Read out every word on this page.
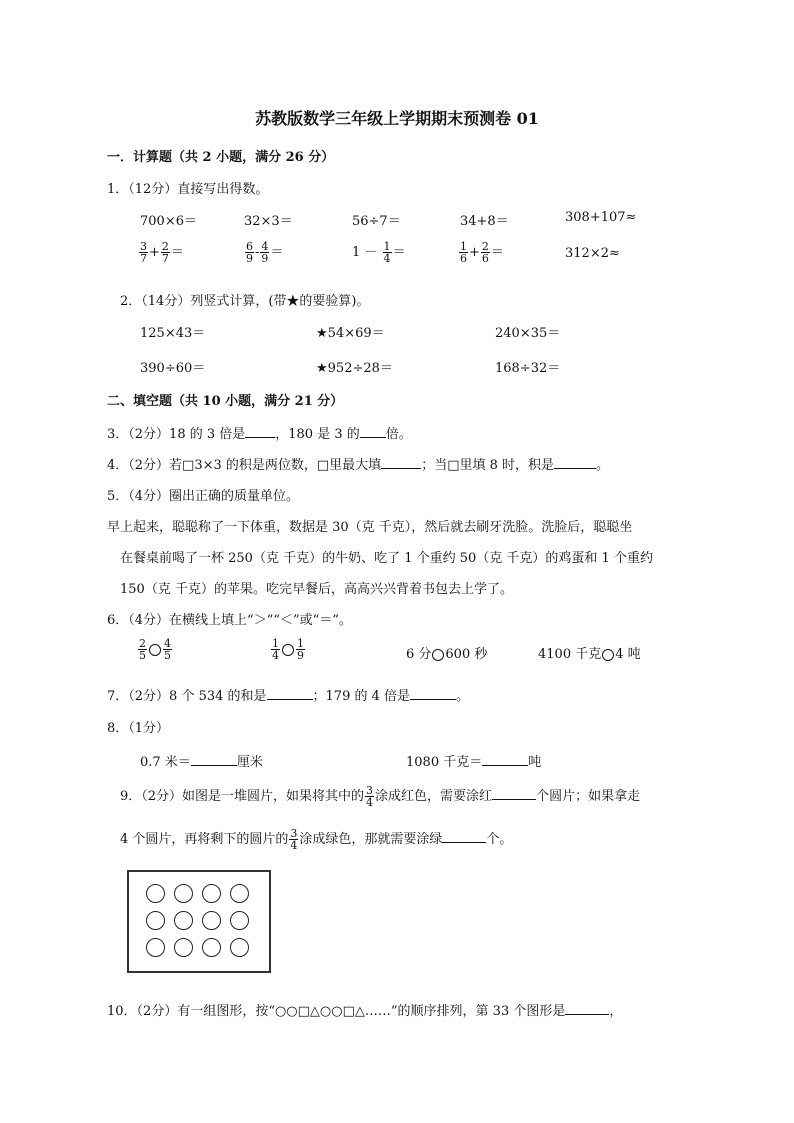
苏教版数学三年级上学期期末预测卷 01
一．计算题（共 2 小题，满分 26 分）
1．（12分）直接写出得数。
700×6＝	32×3＝	56÷7＝	34+8＝	308+107≈
$\frac{3}{7} + \frac{2}{7}$ ＝	$\frac{6}{9} - \frac{4}{9}$ ＝	$1 - \frac{1}{4}$ ＝	$\frac{1}{6} + \frac{2}{6}$ ＝	312×2≈
2．（14分）列竖式计算，(带★的要验算)。
125×43＝	★54×69＝	240×35＝
390÷60＝	★952÷28＝	168÷32＝
二、填空题（共 10 小题，满分 21 分）
3．（2分）18 的 3 倍是 ，180 是 3 的 倍。
4．（2分）若□3×3 的积是两位数，□里最大填	；当□里填 8 时，积是	。
5．（4分）圈出正确的质量单位。
早上起来，聪聪称了一下体重，数据是 30（克 千克），然后就去刷牙洗脸。洗脸后，聪聪坐
在餐桌前喝了一杯 250（克 千克）的牛奶、吃了 1 个重约 50（克 千克）的鸡蛋和 1 个重约
150（克 千克）的苹果。吃完早餐后，高高兴兴背着书包去上学了。
6．（4分）在横线上填上“＞”“＜”或“＝”。
$\frac{2}{5} \frac{4}{5}$	$\frac{1}{4} \frac{1}{9}$	6 分 600 秒	4100 千克 4 吨
7．（2分）8 个 534 的和是	；179 的 4 倍是	。
8．（1分）
0.7 米＝	厘米	1080 千克＝	吨
9．（2分）如图是一堆圆片，如果将其中的 $\frac{3}{4}$ 涂成红色，需要涂红	个圆片；如果拿走
4 个圆片，再将剩下的圆片的 $\frac{3}{4}$ 涂成绿色，那就需要涂绿	个。
10．（2分）有一组图形，按“○○□△○○□△……”的顺序排列，第 33 个图形是	，
